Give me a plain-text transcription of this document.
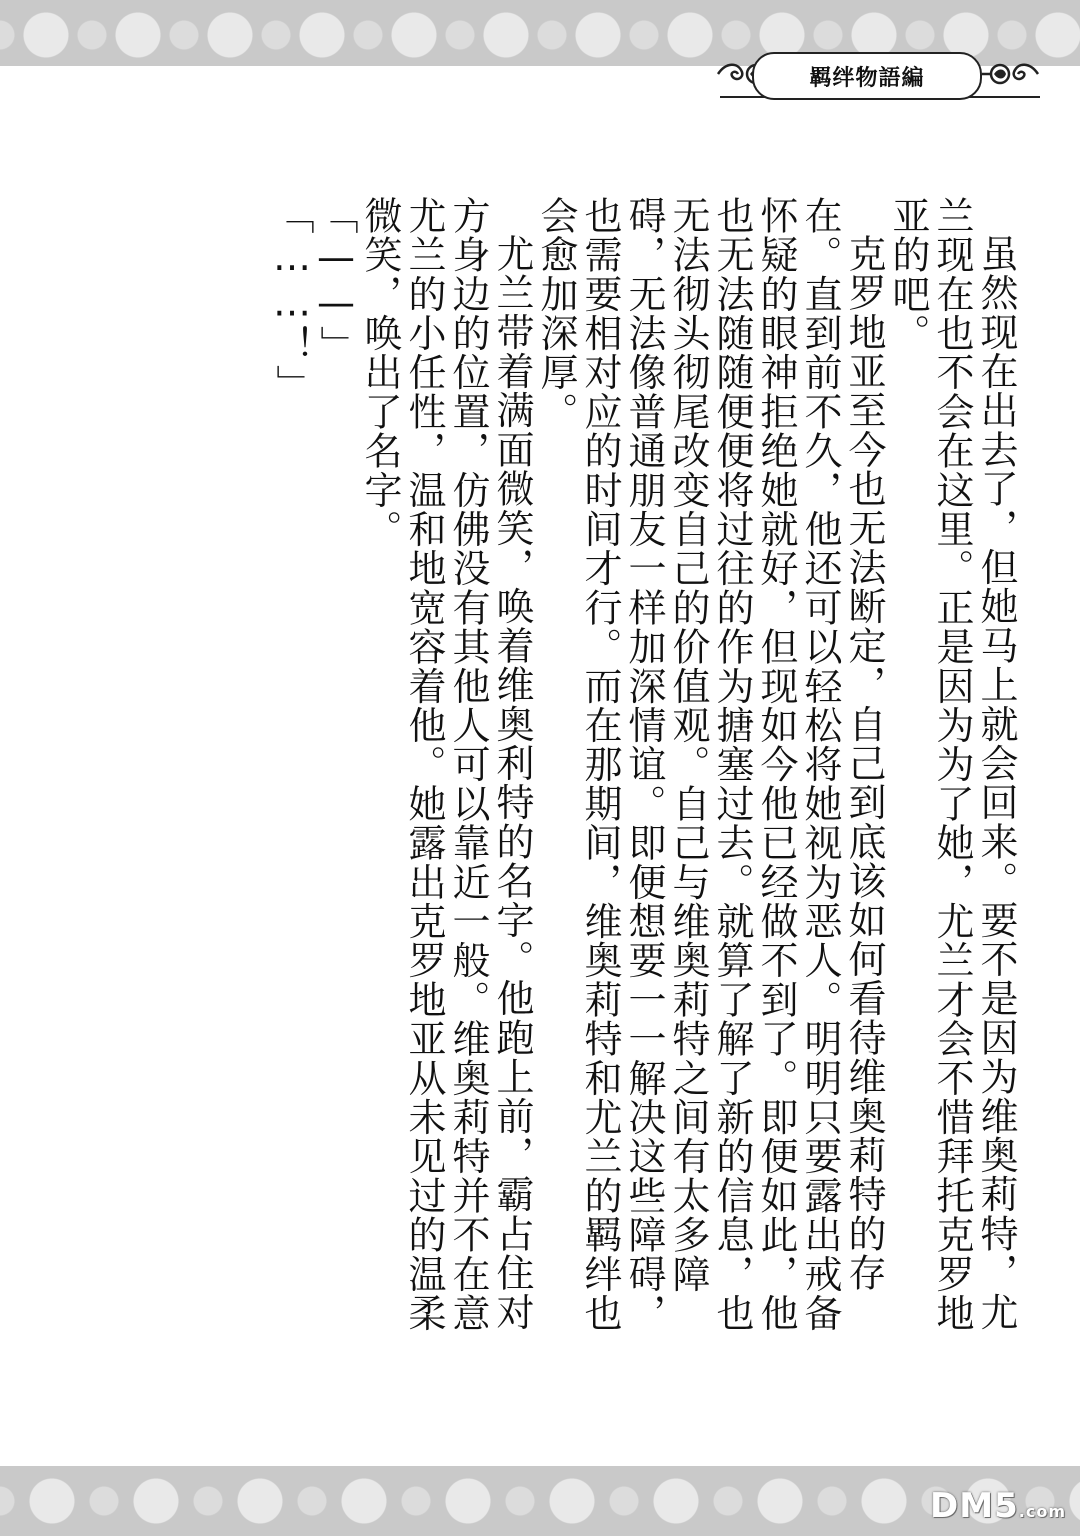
羁绊物語編

虽然现在出去了，但她马上就会回来。要不是因为维奥莉特，尤兰现在也不会在这里。正是因为为了她，尤兰才会不惜拜托克罗地亚的吧。

克罗地亚至今也无法断定，自己到底该如何看待维奥莉特的存在。直到前不久，他还可以轻松将她视为恶人。明明只要露出戒备怀疑的眼神拒绝她就好，但现如今他已经做不到了。即便如此，他也无法随随便便将过往的作为搪塞过去。就算了解了新的信息，也无法彻头彻尾改变自己的价值观。自己与维奥莉特之间有太多障碍，无法像普通朋友一样加深情谊。即便想要一一解决这些障碍，也需要相对应的时间才行。而在那期间，维奥莉特和尤兰的羁绊也会愈加深厚。

尤兰带着满面微笑，唤着维奥利特的名字。他跑上前，霸占住对方身边的位置，仿佛没有其他人可以靠近一般。维奥莉特并不在意尤兰的小任性，温和地宽容着他。她露出克罗地亚从未见过的温柔微笑，唤出了名字。

「——」

「……！」

DM5.com
